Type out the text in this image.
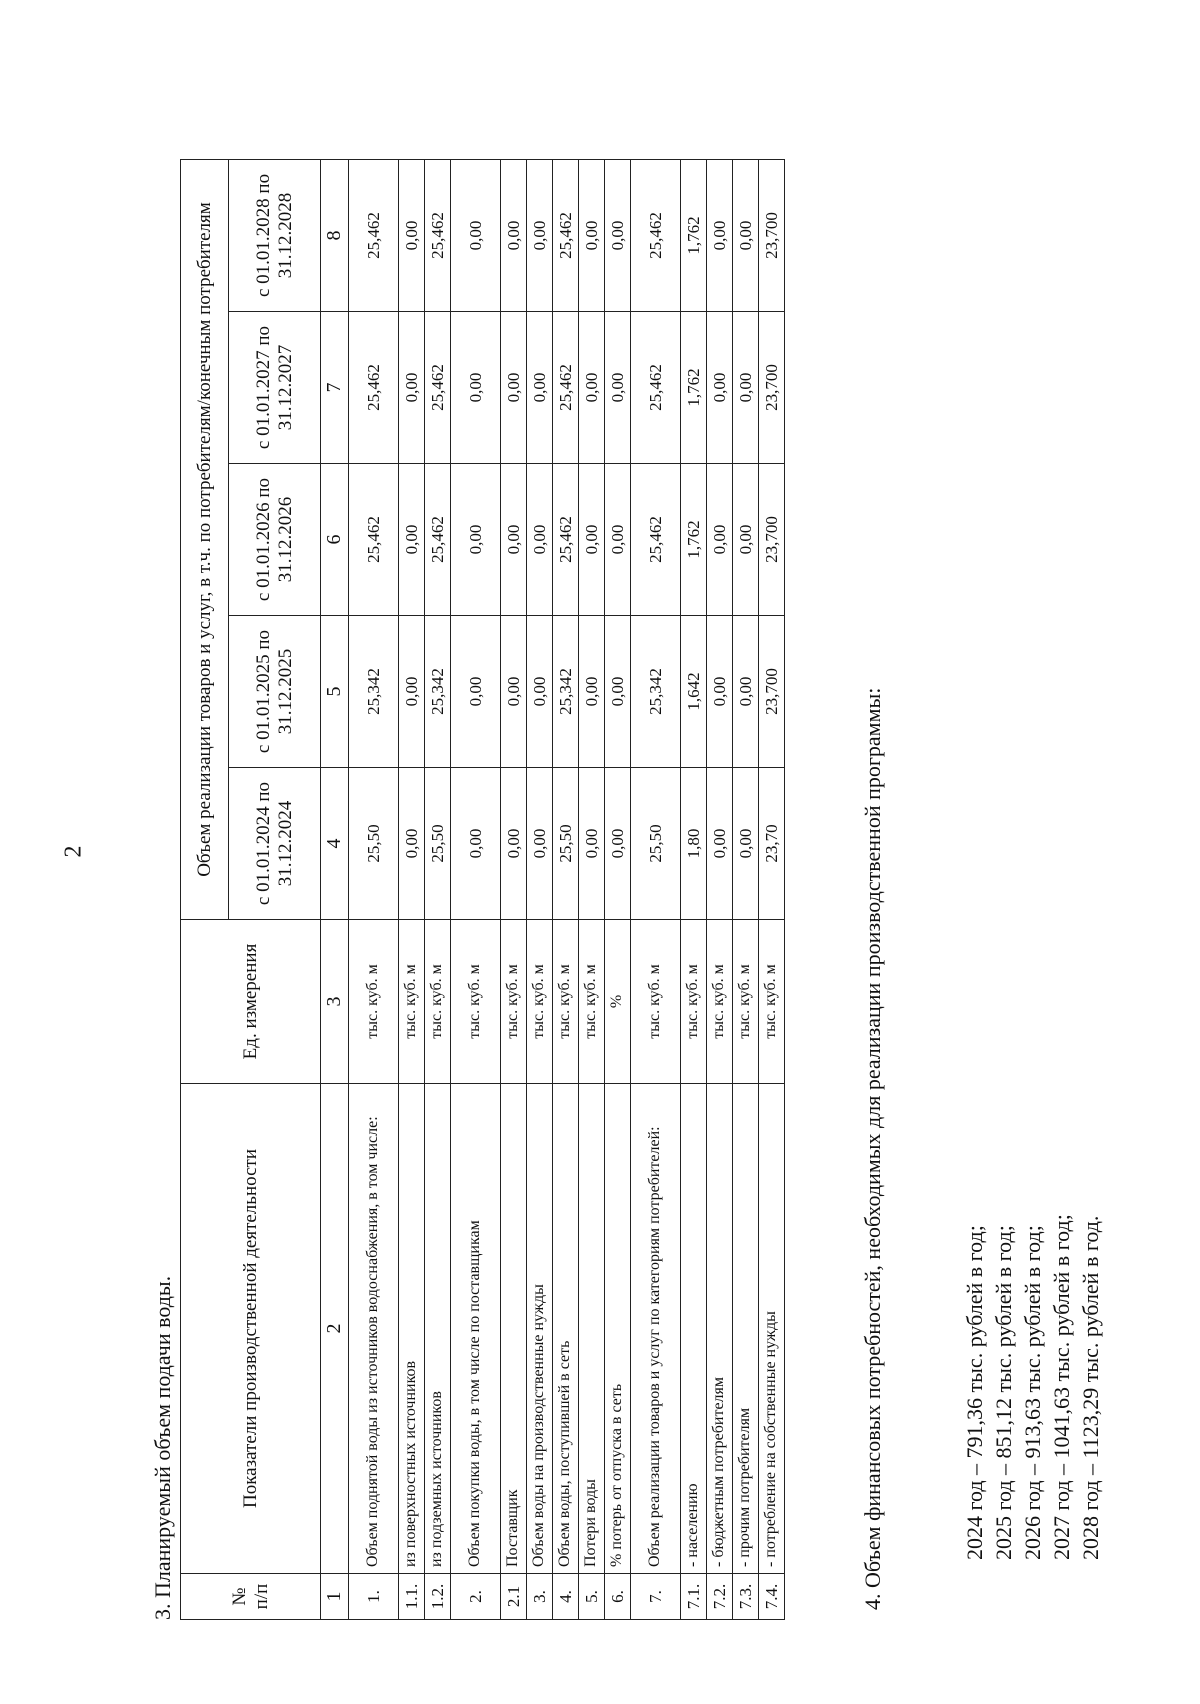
2
3. Планируемый объем подачи воды.	№ п/п	Показатели производственной деятельности	Ед. измерения	Объем реализации товаров и услуг, в т.ч. по потребителям/конечным потребителям				
			с 01.01.2024 по 31.12.2024	с 01.01.2025 по 31.12.2025	с 01.01.2026 по 31.12.2026	с 01.01.2027 по 31.12.2027	с 01.01.2028 по 31.12.2028
1	2	3	4	5	6	7	8
1.	Объем поднятой воды из источников водоснабжения, в том числе:	тыс. куб. м	25,50	25,342	25,462	25,462	25,462
1.1.	из поверхностных источников	тыс. куб. м	0,00	0,00	0,00	0,00	0,00
1.2.	из подземных источников	тыс. куб. м	25,50	25,342	25,462	25,462	25,462
2.	Объем покупки воды, в том числе по поставщикам	тыс. куб. м	0,00	0,00	0,00	0,00	0,00
2.1	Поставщик	тыс. куб. м	0,00	0,00	0,00	0,00	0,00
3.	Объем воды на производственные нужды	тыс. куб. м	0,00	0,00	0,00	0,00	0,00
4.	Объем воды, поступившей в сеть	тыс. куб. м	25,50	25,342	25,462	25,462	25,462
5.	Потери воды	тыс. куб. м	0,00	0,00	0,00	0,00	0,00
6.	% потерь от отпуска в сеть	%	0,00	0,00	0,00	0,00	0,00
7.	Объем реализации товаров и услуг по категориям потребителей:	тыс. куб. м	25,50	25,342	25,462	25,462	25,462
7.1.	- населению	тыс. куб. м	1,80	1,642	1,762	1,762	1,762
7.2.	- бюджетным потребителям	тыс. куб. м	0,00	0,00	0,00	0,00	0,00
7.3.	- прочим потребителям	тыс. куб. м	0,00	0,00	0,00	0,00	0,00
7.4.	- потребление на собственные нужды	тыс. куб. м	23,70	23,700	23,700	23,700	23,700
4. Объем финансовых потребностей, необходимых для реализации производственной программы:	2024 год – 791,36 тыс. рублей в год; 2025 год – 851,12 тыс. рублей в год; 2026 год – 913,63 тыс. рублей в год; 2027 год – 1041,63 тыс. рублей в год; 2028 год – 1123,29 тыс. рублей в год.
